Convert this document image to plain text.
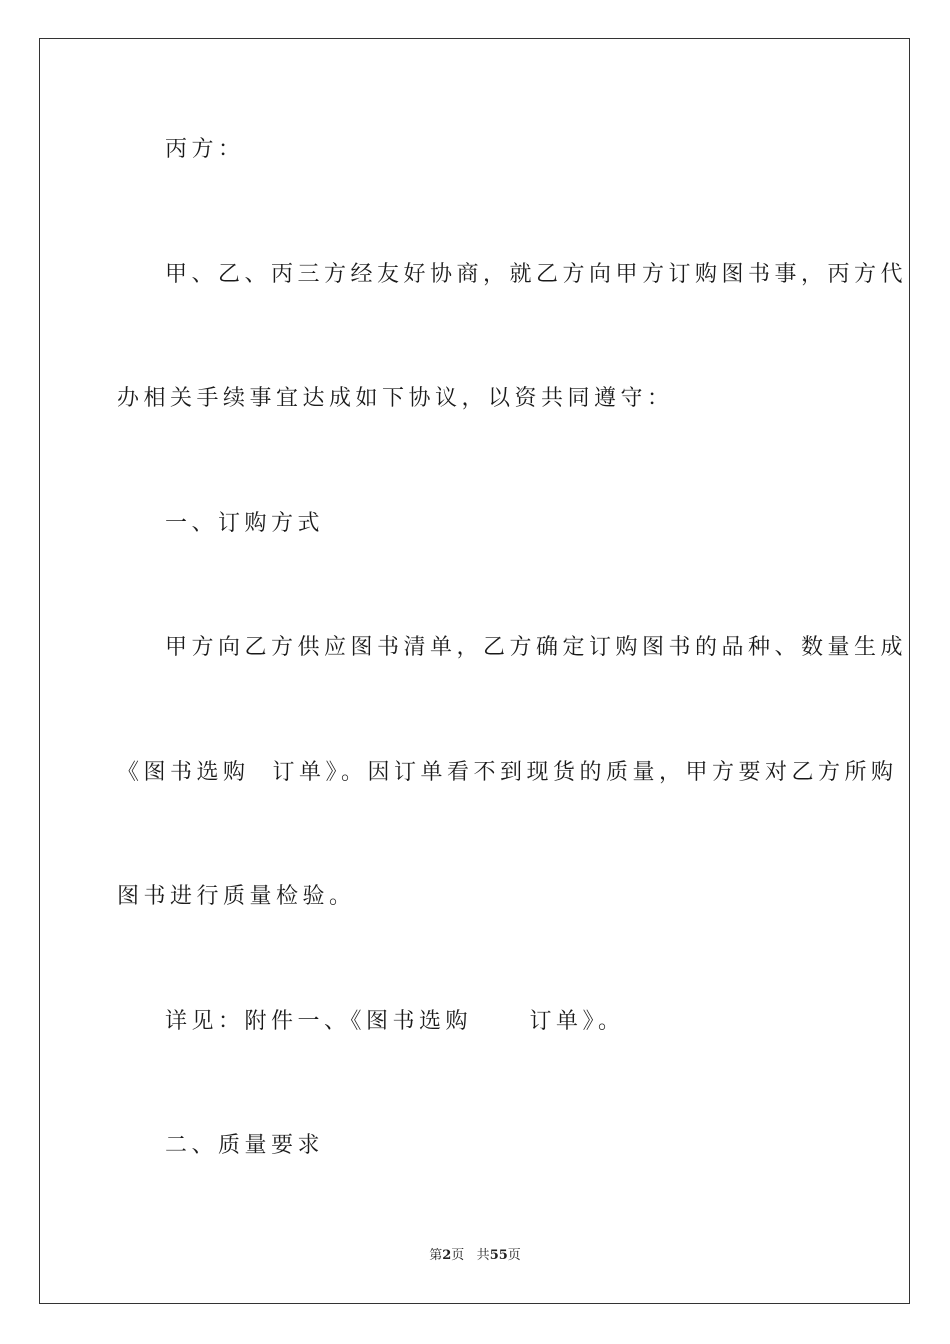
丙方：
甲、乙、丙三方经友好协商，就乙方向甲方订购图书事，丙方代
办相关手续事宜达成如下协议，以资共同遵守：
一、订购方式
甲方向乙方供应图书清单，乙方确定订购图书的品种、数量生成
《图书选购  订单》。因订单看不到现货的质量，甲方要对乙方所购
图书进行质量检验。
详见：附件一、《图书选购     订单》。
二、质量要求
第2页 共55页
